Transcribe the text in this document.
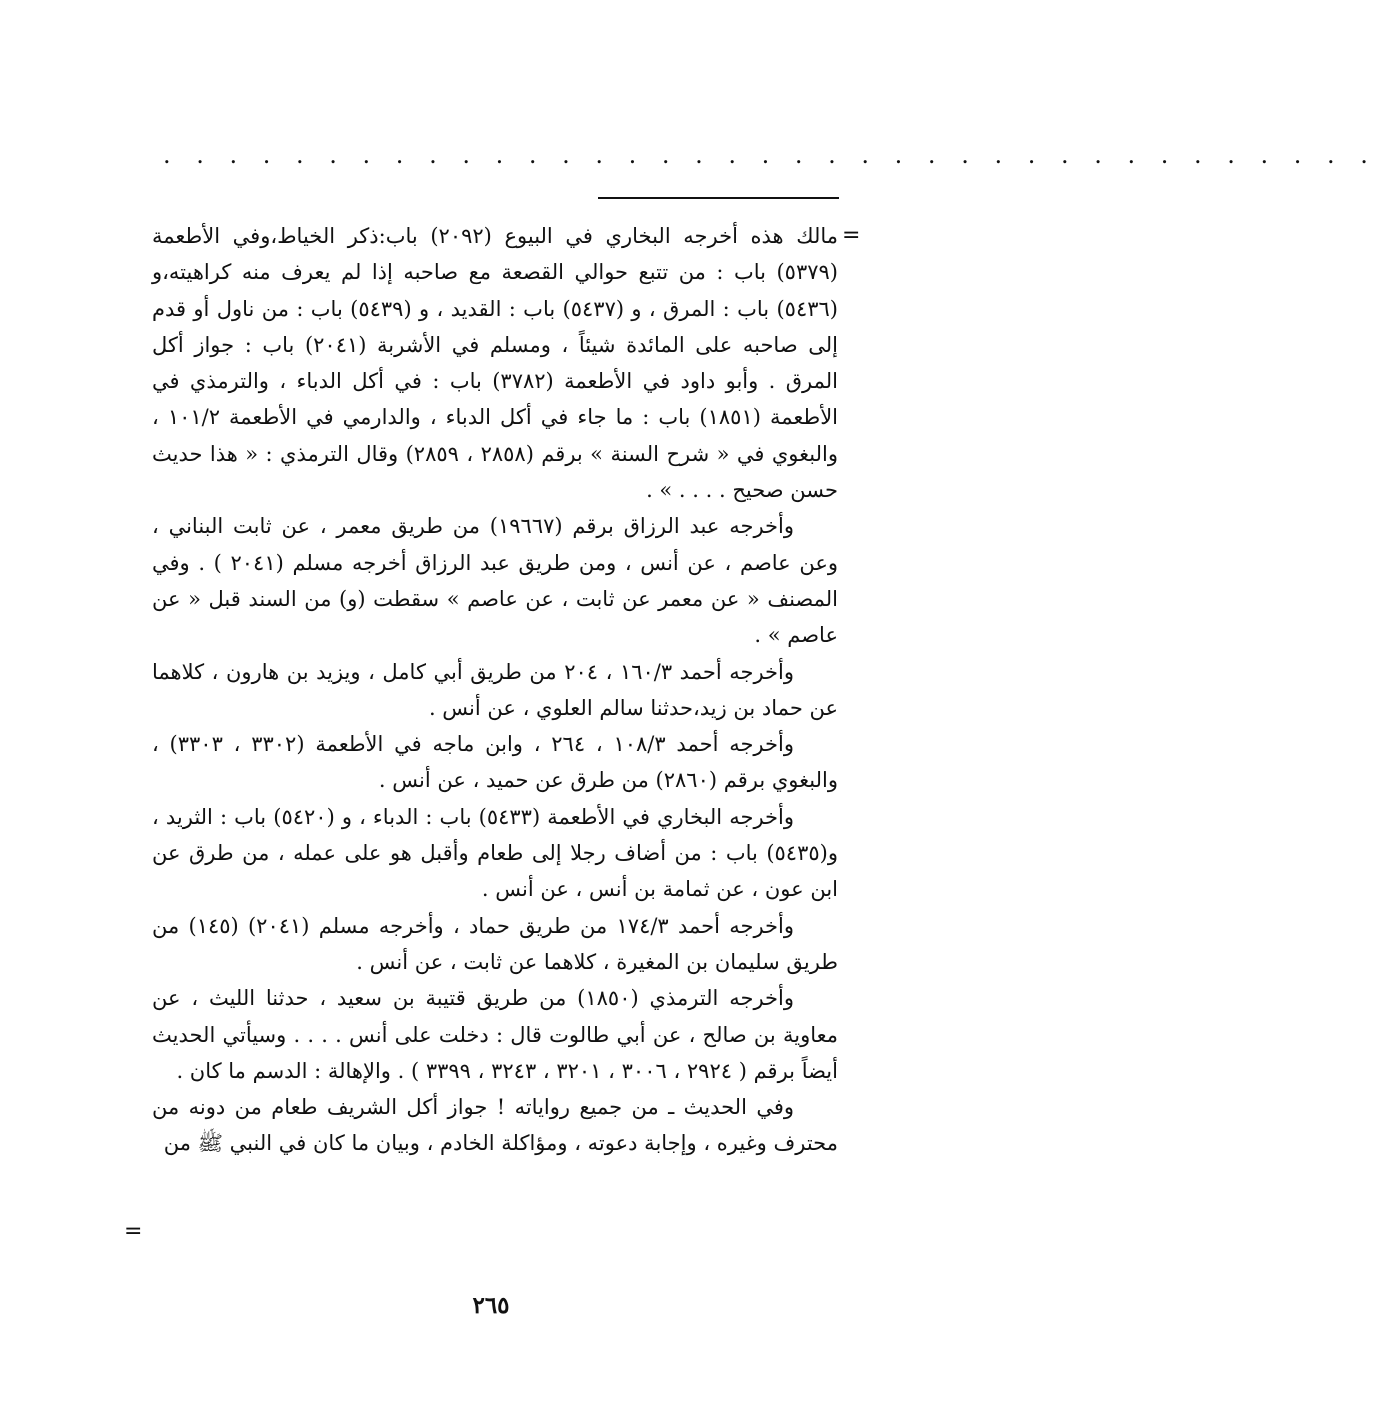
. . . . . . . . . . . . . . . . . . . . . . . . . . . . . . . . . . . . .
=

مالك هذه أخرجه البخاري في البيوع (٢٠٩٢) باب:ذكر الخياط،وفي الأطعمة (٥٣٧٩) باب : من تتبع حوالي القصعة مع صاحبه إذا لم يعرف منه كراهيته،و (٥٤٣٦) باب : المرق ، و (٥٤٣٧) باب : القديد ، و (٥٤٣٩) باب : من ناول أو قدم إلى صاحبه على المائدة شيئاً ، ومسلم في الأشربة (٢٠٤١) باب : جواز أكل المرق . وأبو داود في الأطعمة (٣٧٨٢) باب : في أكل الدباء ، والترمذي في الأطعمة (١٨٥١) باب : ما جاء في أكل الدباء ، والدارمي في الأطعمة ١٠١/٢ ، والبغوي في « شرح السنة » برقم (٢٨٥٨ ، ٢٨٥٩) وقال الترمذي : « هذا حديث حسن صحيح . . . . » .

وأخرجه عبد الرزاق برقم (١٩٦٦٧) من طريق معمر ، عن ثابت البناني ، وعن عاصم ، عن أنس ، ومن طريق عبد الرزاق أخرجه مسلم (٢٠٤١ ) . وفي المصنف « عن معمر عن ثابت ، عن عاصم » سقطت (و) من السند قبل « عن عاصم » .

وأخرجه أحمد ١٦٠/٣ ، ٢٠٤ من طريق أبي كامل ، ويزيد بن هارون ، كلاهما عن حماد بن زيد،حدثنا سالم العلوي ، عن أنس .

وأخرجه أحمد ١٠٨/٣ ، ٢٦٤ ، وابن ماجه في الأطعمة (٣٣٠٢ ، ٣٣٠٣) ، والبغوي برقم (٢٨٦٠) من طرق عن حميد ، عن أنس .

وأخرجه البخاري في الأطعمة (٥٤٣٣) باب : الدباء ، و (٥٤٢٠) باب : الثريد ، و(٥٤٣٥) باب : من أضاف رجلا إلى طعام وأقبل هو على عمله ، من طرق عن ابن عون ، عن ثمامة بن أنس ، عن أنس .

وأخرجه أحمد ١٧٤/٣ من طريق حماد ، وأخرجه مسلم (٢٠٤١) (١٤٥) من طريق سليمان بن المغيرة ، كلاهما عن ثابت ، عن أنس .

وأخرجه الترمذي (١٨٥٠) من طريق قتيبة بن سعيد ، حدثنا الليث ، عن معاوية بن صالح ، عن أبي طالوت قال : دخلت على أنس . . . . وسيأتي الحديث أيضاً برقم ( ٢٩٢٤ ، ٣٠٠٦ ، ٣٢٠١ ، ٣٢٤٣ ، ٣٣٩٩ ) . والإهالة : الدسم ما كان .

وفي الحديث ـ من جميع رواياته ! جواز أكل الشريف طعام من دونه من محترف وغيره ، وإجابة دعوته ، ومؤاكلة الخادم ، وبيان ما كان في النبي ﷺ من

=
٢٦٥
